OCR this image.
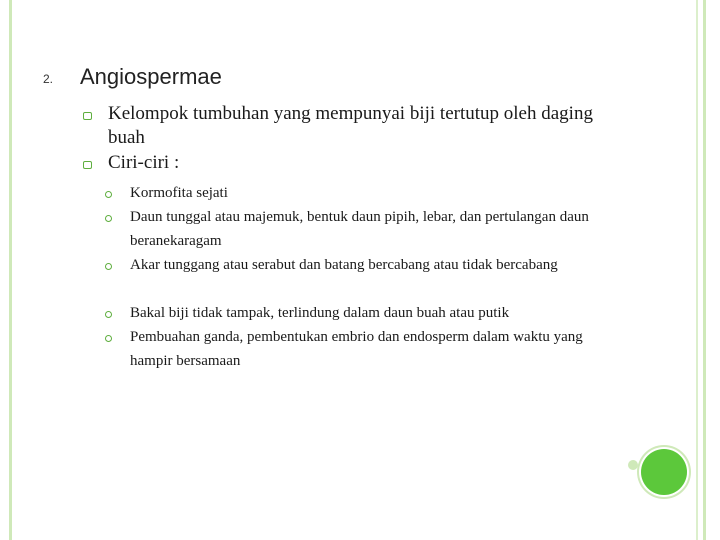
2. Angiospermae
Kelompok tumbuhan yang mempunyai biji tertutup oleh daging buah
Ciri-ciri :
Kormofita sejati
Daun tunggal atau majemuk, bentuk daun pipih, lebar, dan pertulangan daun beranekaragam
Akar tunggang atau serabut dan batang bercabang atau tidak bercabang
Bakal biji tidak tampak, terlindung dalam daun buah atau putik
Pembuahan ganda, pembentukan embrio dan endosperm dalam waktu yang hampir bersamaan
